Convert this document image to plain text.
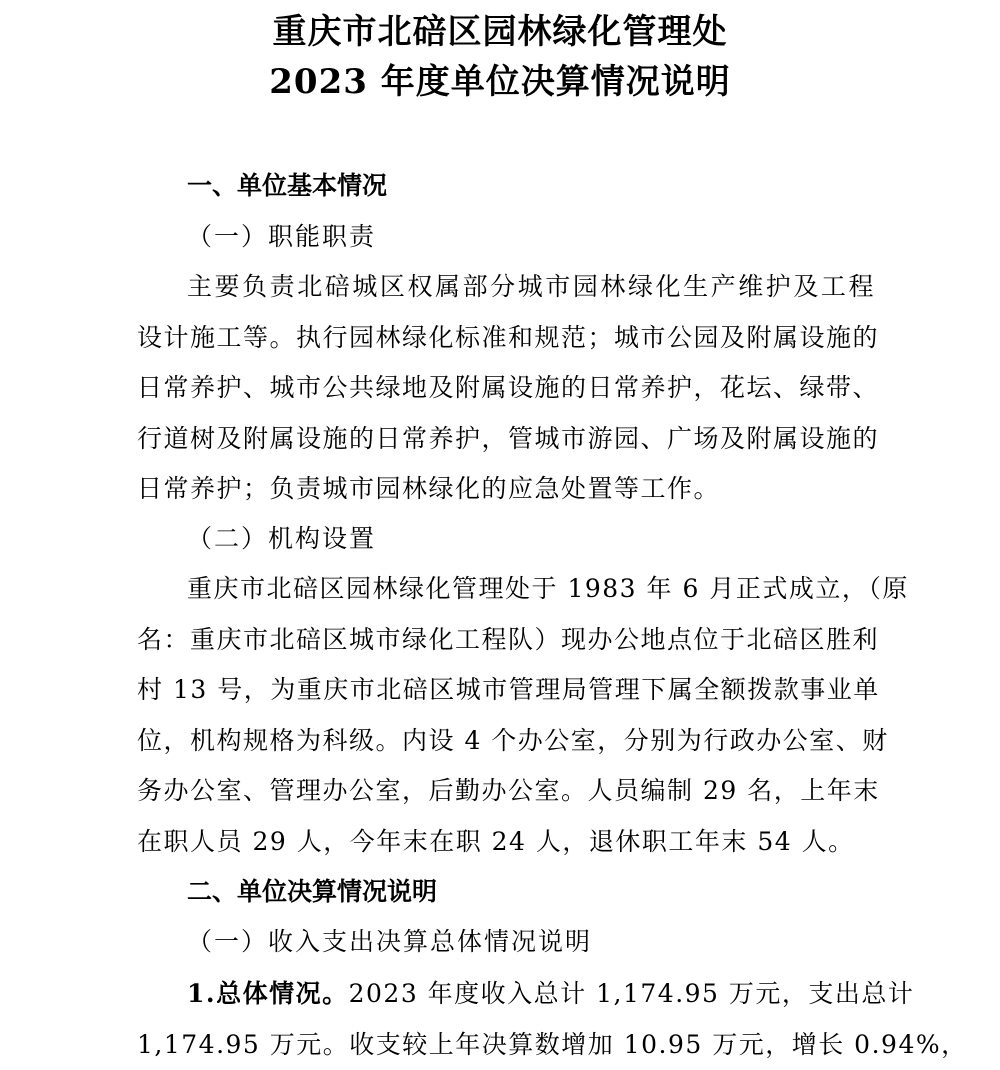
重庆市北碚区园林绿化管理处
2023 年度单位决算情况说明
一、单位基本情况
（一）职能职责
主要负责北碚城区权属部分城市园林绿化生产维护及工程
设计施工等。执行园林绿化标准和规范；城市公园及附属设施的
日常养护、城市公共绿地及附属设施的日常养护，花坛、绿带、
行道树及附属设施的日常养护，管城市游园、广场及附属设施的
日常养护；负责城市园林绿化的应急处置等工作。
（二）机构设置
重庆市北碚区园林绿化管理处于 1983 年 6 月正式成立，（原
名：重庆市北碚区城市绿化工程队）现办公地点位于北碚区胜利
村 13 号，为重庆市北碚区城市管理局管理下属全额拨款事业单
位，机构规格为科级。内设 4 个办公室，分别为行政办公室、财
务办公室、管理办公室，后勤办公室。人员编制 29 名，上年末
在职人员 29 人，今年末在职 24 人，退休职工年末 54 人。
二、单位决算情况说明
（一）收入支出决算总体情况说明
1.总体情况。2023 年度收入总计 1,174.95 万元，支出总计
1,174.95 万元。收支较上年决算数增加 10.95 万元，增长 0.94%，
